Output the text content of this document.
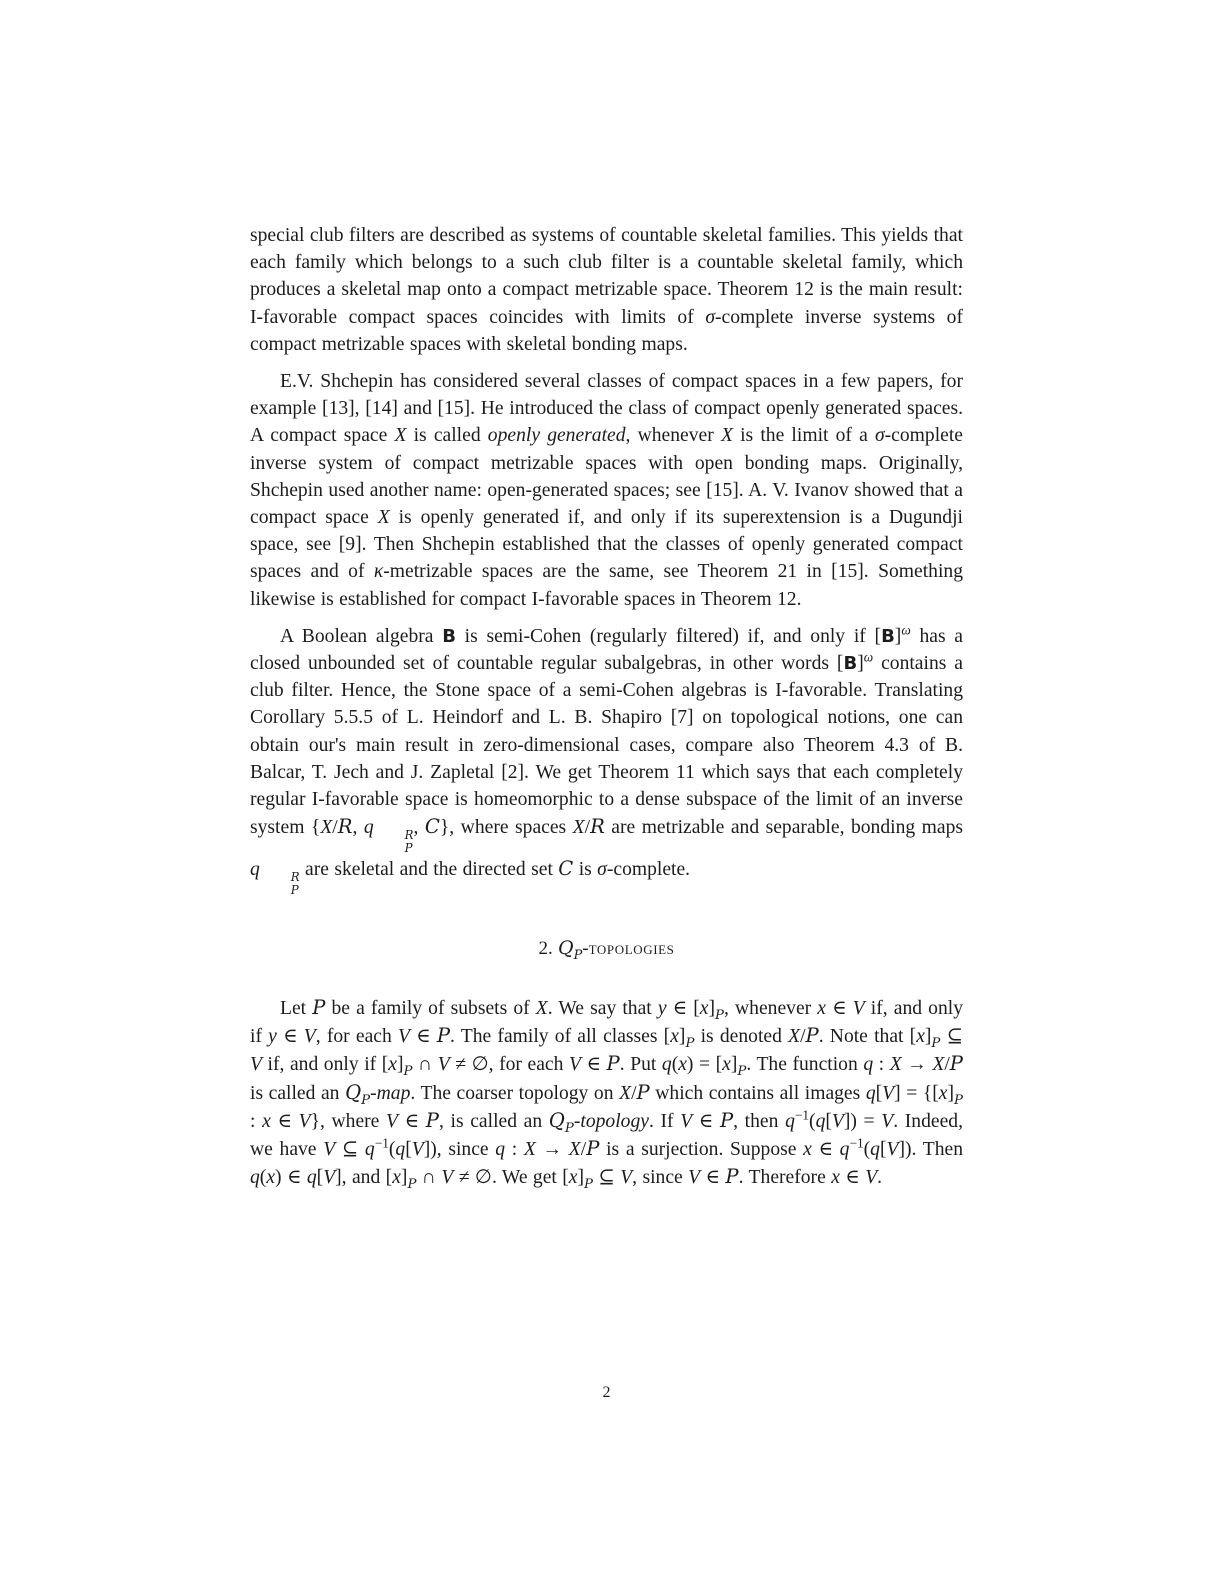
special club filters are described as systems of countable skeletal families. This yields that each family which belongs to a such club filter is a countable skeletal family, which produces a skeletal map onto a compact metrizable space. Theorem 12 is the main result: I-favorable compact spaces coincides with limits of σ-complete inverse systems of compact metrizable spaces with skeletal bonding maps.

E.V. Shchepin has considered several classes of compact spaces in a few papers, for example [13], [14] and [15]. He introduced the class of compact openly generated spaces. A compact space X is called openly generated, whenever X is the limit of a σ-complete inverse system of compact metrizable spaces with open bonding maps. Originally, Shchepin used another name: open-generated spaces; see [15]. A. V. Ivanov showed that a compact space X is openly generated if, and only if its superextension is a Dugundji space, see [9]. Then Shchepin established that the classes of openly generated compact spaces and of κ-metrizable spaces are the same, see Theorem 21 in [15]. Something likewise is established for compact I-favorable spaces in Theorem 12.

A Boolean algebra B is semi-Cohen (regularly filtered) if, and only if $[B]^\omega$ has a closed unbounded set of countable regular subalgebras, in other words $[B]^\omega$ contains a club filter. Hence, the Stone space of a semi-Cohen algebras is I-favorable. Translating Corollary 5.5.5 of L. Heindorf and L. B. Shapiro [7] on topological notions, one can obtain our's main result in zero-dimensional cases, compare also Theorem 4.3 of B. Balcar, T. Jech and J. Zapletal [2]. We get Theorem 11 which says that each completely regular I-favorable space is homeomorphic to a dense subspace of the limit of an inverse system {X/R, q	R
P
, C}, where spaces X/R are metrizable and separable, bonding maps q	R
P
are skeletal and the directed set C is σ-complete.

2. $Q_P$-topologies

Let P be a family of subsets of X. We say that y ∈ $[x]_P$, whenever x ∈ V if, and only if y ∈ V, for each V ∈ P. The family of all classes $[x]_P$ is denoted X/P. Note that $[x]_P$ ⊆ V if, and only if $[x]_P$ ∩ V ≠ ∅, for each V ∈ P. Put $q(x) = [x]_P$. The function q : X → X/P is called an $Q_P$-map. The coarser topology on X/P which contains all images $q[V] = \{[x]_P$ : x ∈ V}, where V ∈ P, is called an $Q_P$-topology. If V ∈ P, then $q^{-1}(q[V]) = V$. Indeed, we have V ⊆ $q^{-1}(q[V])$, since q : X → X/P is a surjection. Suppose x ∈ $q^{-1}(q[V])$. Then q(x) ∈ q[V], and $[x]_P$ ∩ V ≠ ∅. We get $[x]_P$ ⊆ V, since V ∈ P. Therefore x ∈ V.

2
